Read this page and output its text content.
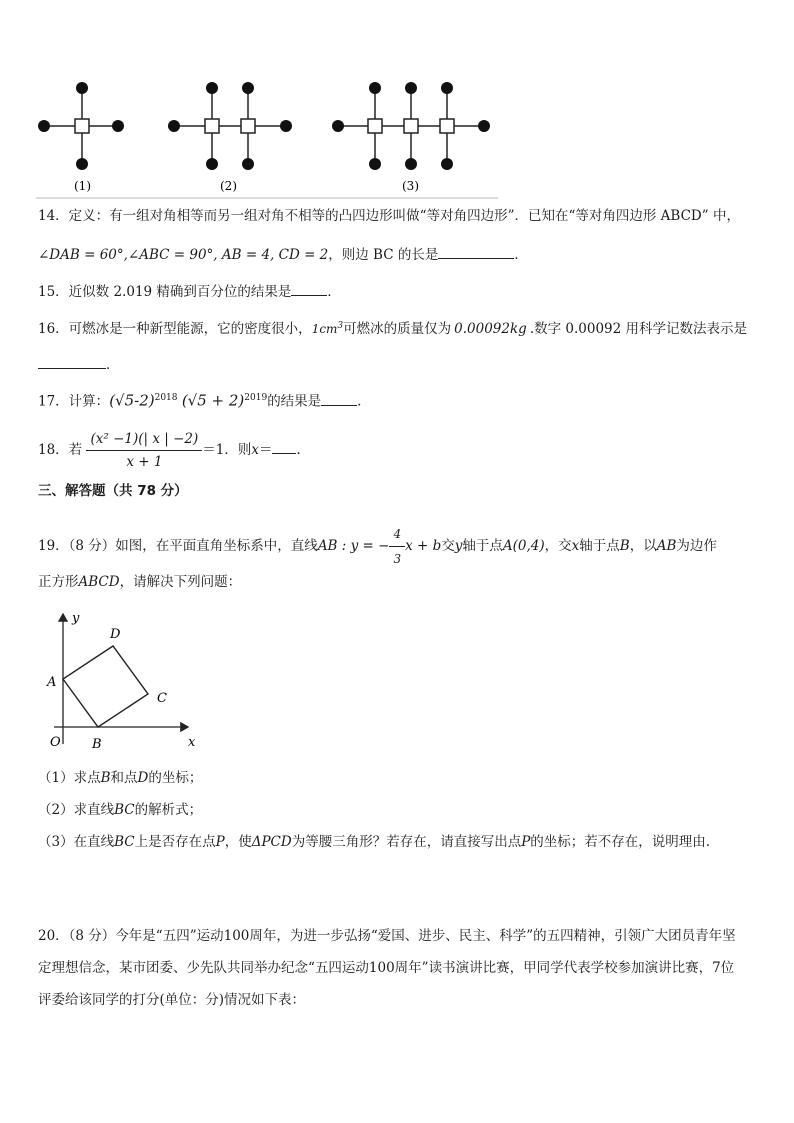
(1)	(2)	(3)
14．定义：有一组对角相等而另一组对角不相等的凸四边形叫做“等对角四边形”．已知在“等对角四边形 ABCD” 中，
∠DAB = 60°,∠ABC = 90°, AB = 4, CD = 2，则边 BC 的长是	．
15．近似数 2.019 精确到百分位的结果是	．
16．可燃冰是一种新型能源，它的密度很小，$1cm^3$可燃冰的质量仅为 0.00092kg .数字 0.00092 用科学记数法表示是
．
17．计算：$(√5-2)^{2018}$ $(√5 + 2)^{2019}$的结果是	．
18．若 $\frac{\text{(x² −1)(| x | −2)}}{x + 1} =1$．则x＝ ．
三、解答题（共 78 分）
19．（8 分）如图，在平面直角坐标系中，直线AB : y = − $\frac{4}{3}$ x + b交y轴于点A(0,4)，交x轴于点B，以AB为边作
正方形ABCD，请解决下列问题：
y
x
O
A
B
C
D
（1）求点B和点D的坐标；
（2）求直线BC的解析式；
（3）在直线BC上是否存在点P，使ΔPCD为等腰三角形？若存在，请直接写出点P的坐标；若不存在，说明理由.
20．（8 分）今年是“五四”运动100周年，为进一步弘扬“爱国、进步、民主、科学”的五四精神，引领广大团员青年坚
定理想信念，某市团委、少先队共同举办纪念“五四运动100周年”读书演讲比赛，甲同学代表学校参加演讲比赛，7位
评委给该同学的打分(单位：分)情况如下表：
